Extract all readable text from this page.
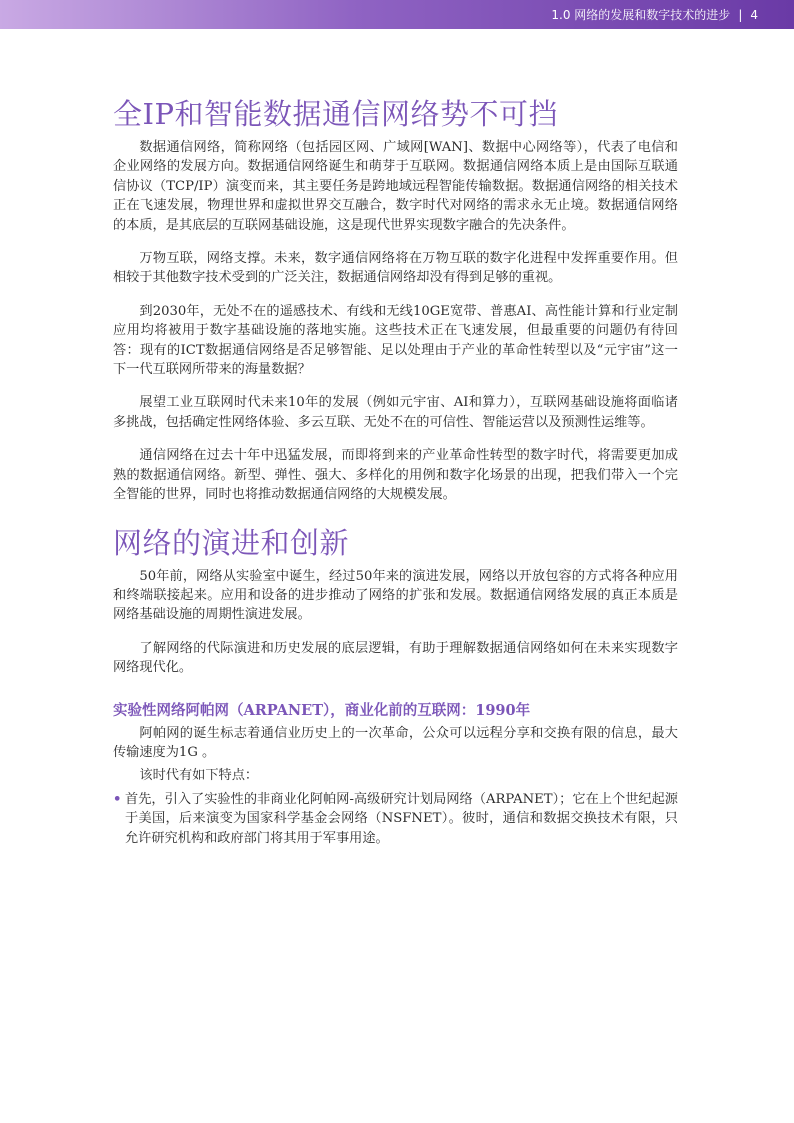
1.0 网络的发展和数字技术的进步 | 4
全IP和智能数据通信网络势不可挡

数据通信网络，简称网络（包括园区网、广域网[WAN]、数据中心网络等），代表了电信和企业网络的发展方向。数据通信网络诞生和萌芽于互联网。数据通信网络本质上是由国际互联通信协议（TCP/IP）演变而来，其主要任务是跨地域远程智能传输数据。数据通信网络的相关技术正在飞速发展，物理世界和虚拟世界交互融合，数字时代对网络的需求永无止境。数据通信网络的本质，是其底层的互联网基础设施，这是现代世界实现数字融合的先决条件。

万物互联，网络支撑。未来，数字通信网络将在万物互联的数字化进程中发挥重要作用。但相较于其他数字技术受到的广泛关注，数据通信网络却没有得到足够的重视。

到2030年，无处不在的遥感技术、有线和无线10GE宽带、普惠AI、高性能计算和行业定制应用均将被用于数字基础设施的落地实施。这些技术正在飞速发展，但最重要的问题仍有待回答：现有的ICT数据通信网络是否足够智能、足以处理由于产业的革命性转型以及“元宇宙”这一下一代互联网所带来的海量数据？

展望工业互联网时代未来10年的发展（例如元宇宙、AI和算力），互联网基础设施将面临诸多挑战，包括确定性网络体验、多云互联、无处不在的可信性、智能运营以及预测性运维等。

通信网络在过去十年中迅猛发展，而即将到来的产业革命性转型的数字时代，将需要更加成熟的数据通信网络。新型、弹性、强大、多样化的用例和数字化场景的出现，把我们带入一个完全智能的世界，同时也将推动数据通信网络的大规模发展。

网络的演进和创新

50年前，网络从实验室中诞生，经过50年来的演进发展，网络以开放包容的方式将各种应用和终端联接起来。应用和设备的进步推动了网络的扩张和发展。数据通信网络发展的真正本质是网络基础设施的周期性演进发展。

了解网络的代际演进和历史发展的底层逻辑，有助于理解数据通信网络如何在未来实现数字网络现代化。

实验性网络阿帕网（ARPANET），商业化前的互联网：1990年

阿帕网的诞生标志着通信业历史上的一次革命，公众可以远程分享和交换有限的信息，最大传输速度为1G 。

该时代有如下特点：

• 首先，引入了实验性的非商业化阿帕网-高级研究计划局网络（ARPANET）；它在上个世纪起源于美国，后来演变为国家科学基金会网络（NSFNET）。彼时，通信和数据交换技术有限，只允许研究机构和政府部门将其用于军事用途。
